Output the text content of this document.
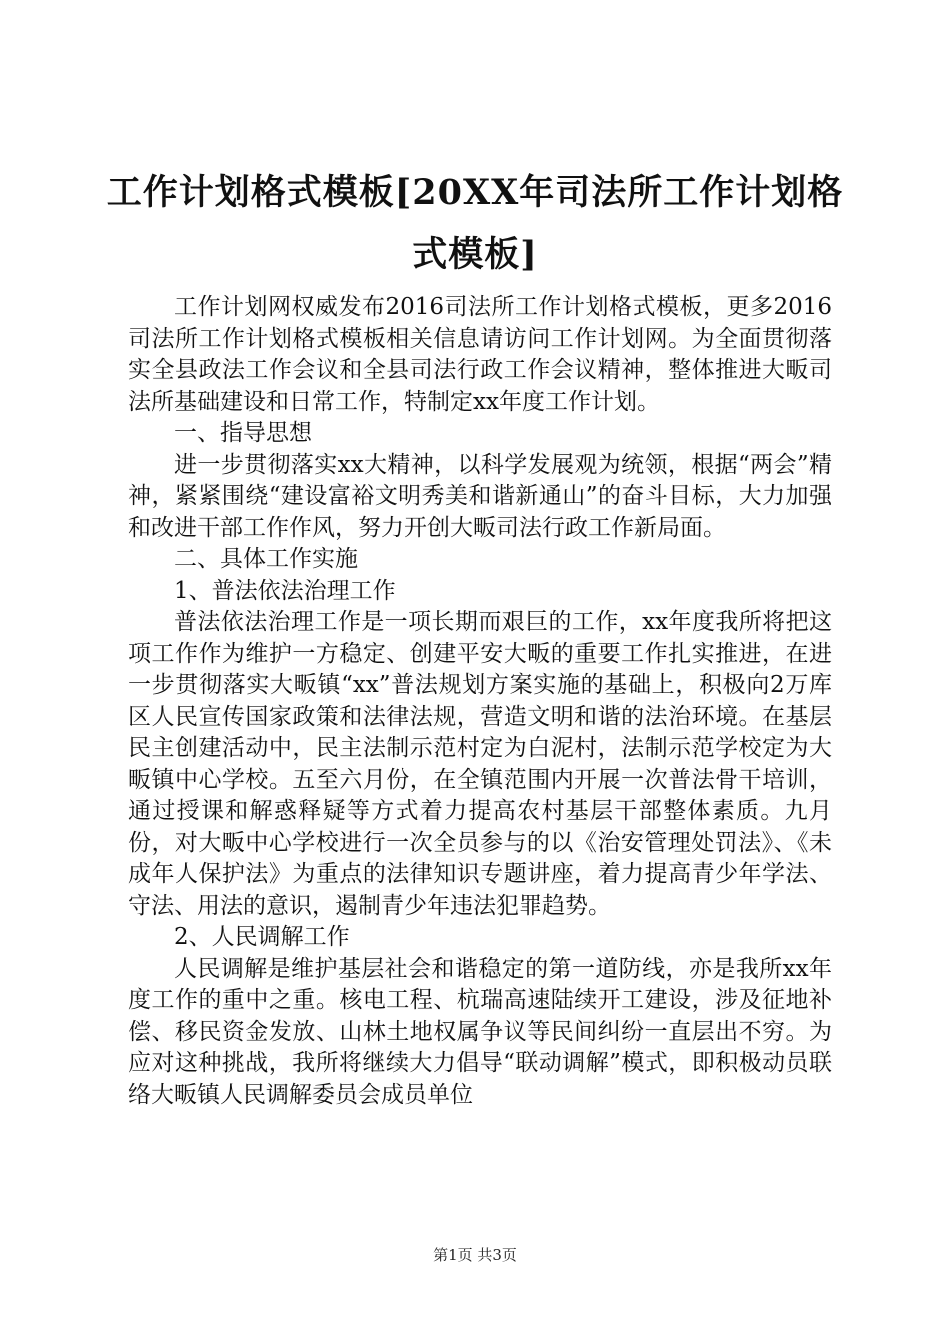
工作计划格式模板[20XX年司法所工作计划格式模板]

工作计划网权威发布2016司法所工作计划格式模板，更多2016司法所工作计划格式模板相关信息请访问工作计划网。为全面贯彻落实全县政法工作会议和全县司法行政工作会议精神，整体推进大畈司法所基础建设和日常工作，特制定xx年度工作计划。

一、指导思想

进一步贯彻落实xx大精神，以科学发展观为统领，根据“两会”精神，紧紧围绕“建设富裕文明秀美和谐新通山”的奋斗目标，大力加强和改进干部工作作风，努力开创大畈司法行政工作新局面。

二、具体工作实施

1、普法依法治理工作

普法依法治理工作是一项长期而艰巨的工作，xx年度我所将把这项工作作为维护一方稳定、创建平安大畈的重要工作扎实推进，在进一步贯彻落实大畈镇“xx”普法规划方案实施的基础上，积极向2万库区人民宣传国家政策和法律法规，营造文明和谐的法治环境。在基层民主创建活动中，民主法制示范村定为白泥村，法制示范学校定为大畈镇中心学校。五至六月份，在全镇范围内开展一次普法骨干培训，通过授课和解惑释疑等方式着力提高农村基层干部整体素质。九月份，对大畈中心学校进行一次全员参与的以《治安管理处罚法》、《未成年人保护法》为重点的法律知识专题讲座，着力提高青少年学法、守法、用法的意识，遏制青少年违法犯罪趋势。

2、人民调解工作

人民调解是维护基层社会和谐稳定的第一道防线，亦是我所xx年度工作的重中之重。核电工程、杭瑞高速陆续开工建设，涉及征地补偿、移民资金发放、山林土地权属争议等民间纠纷一直层出不穷。为应对这种挑战，我所将继续大力倡导“联动调解”模式，即积极动员联络大畈镇人民调解委员会成员单位

第1页 共3页
